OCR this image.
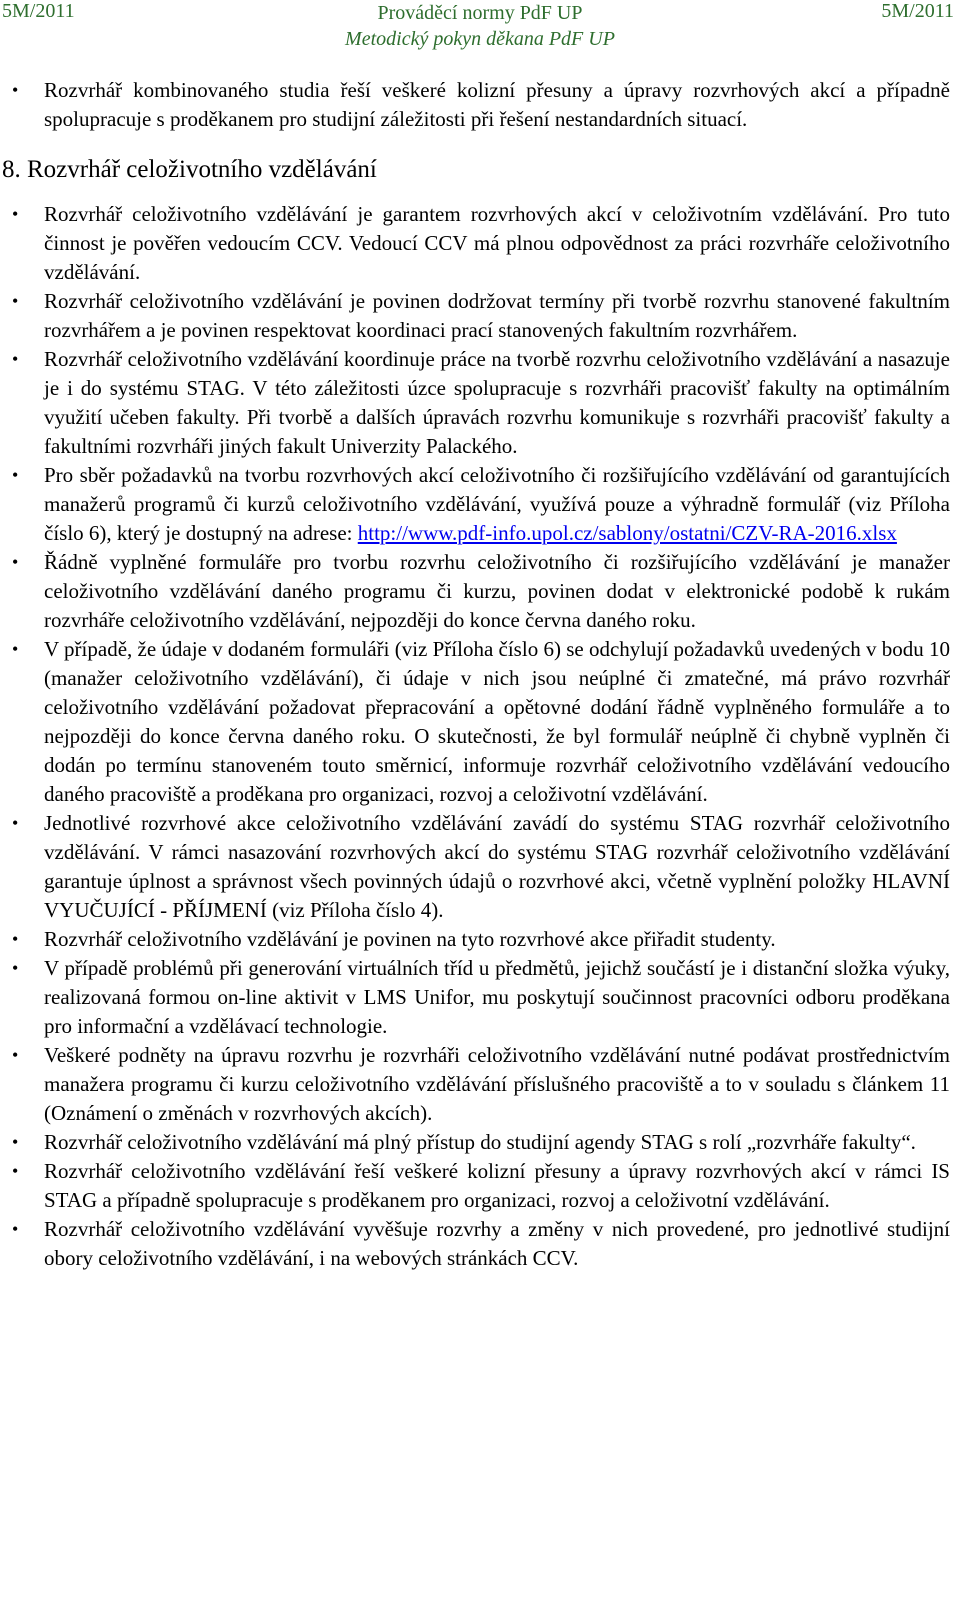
5M/2011	Prováděcí normy PdF UP
Metodický pokyn děkana PdF UP
5M/2011
• Rozvrhář kombinovaného studia řeší veškeré kolizní přesuny a úpravy rozvrhových akcí a případně spolupracuje s proděkanem pro studijní záležitosti při řešení nestandardních situací.
8. Rozvrhář celoživotního vzdělávání
• Rozvrhář celoživotního vzdělávání je garantem rozvrhových akcí v celoživotním vzdělávání. Pro tuto činnost je pověřen vedoucím CCV. Vedoucí CCV má plnou odpovědnost za práci rozvrháře celoživotního vzdělávání.
• Rozvrhář celoživotního vzdělávání je povinen dodržovat termíny při tvorbě rozvrhu stanovené fakultním rozvrhářem a je povinen respektovat koordinaci prací stanovených fakultním rozvrhářem.
• Rozvrhář celoživotního vzdělávání koordinuje práce na tvorbě rozvrhu celoživotního vzdělávání a nasazuje je i do systému STAG. V této záležitosti úzce spolupracuje s rozvrháři pracovišť fakulty na optimálním využití učeben fakulty. Při tvorbě a dalších úpravách rozvrhu komunikuje s rozvrháři pracovišť fakulty a fakultními rozvrháři jiných fakult Univerzity Palackého.
• Pro sběr požadavků na tvorbu rozvrhových akcí celoživotního či rozšiřujícího vzdělávání od garantujících manažerů programů či kurzů celoživotního vzdělávání, využívá pouze a výhradně formulář (viz Příloha číslo 6), který je dostupný na adrese: http://www.pdf-info.upol.cz/sablony/ostatni/CZV-RA-2016.xlsx
• Řádně vyplněné formuláře pro tvorbu rozvrhu celoživotního či rozšiřujícího vzdělávání je manažer celoživotního vzdělávání daného programu či kurzu, povinen dodat v elektronické podobě k rukám rozvrháře celoživotního vzdělávání, nejpozději do konce června daného roku.
• V případě, že údaje v dodaném formuláři (viz Příloha číslo 6) se odchylují požadavků uvedených v bodu 10 (manažer celoživotního vzdělávání), či údaje v nich jsou neúplné či zmatečné, má právo rozvrhář celoživotního vzdělávání požadovat přepracování a opětovné dodání řádně vyplněného formuláře a to nejpozději do konce června daného roku. O skutečnosti, že byl formulář neúplně či chybně vyplněn či dodán po termínu stanoveném touto směrnicí, informuje rozvrhář celoživotního vzdělávání vedoucího daného pracoviště a proděkana pro organizaci, rozvoj a celoživotní vzdělávání.
• Jednotlivé rozvrhové akce celoživotního vzdělávání zavádí do systému STAG rozvrhář celoživotního vzdělávání. V rámci nasazování rozvrhových akcí do systému STAG rozvrhář celoživotního vzdělávání garantuje úplnost a správnost všech povinných údajů o rozvrhové akci, včetně vyplnění položky HLAVNÍ VYUČUJÍCÍ - PŘÍJMENÍ (viz Příloha číslo 4).
• Rozvrhář celoživotního vzdělávání je povinen na tyto rozvrhové akce přiřadit studenty.
• V případě problémů při generování virtuálních tříd u předmětů, jejichž součástí je i distanční složka výuky, realizovaná formou on-line aktivit v LMS Unifor, mu poskytují součinnost pracovníci odboru proděkana pro informační a vzdělávací technologie.
• Veškeré podněty na úpravu rozvrhu je rozvrháři celoživotního vzdělávání nutné podávat prostřednictvím manažera programu či kurzu celoživotního vzdělávání příslušného pracoviště a to v souladu s článkem 11 (Oznámení o změnách v rozvrhových akcích).
• Rozvrhář celoživotního vzdělávání má plný přístup do studijní agendy STAG s rolí „rozvrháře fakulty“.
• Rozvrhář celoživotního vzdělávání řeší veškeré kolizní přesuny a úpravy rozvrhových akcí v rámci IS STAG a případně spolupracuje s proděkanem pro organizaci, rozvoj a celoživotní vzdělávání.
• Rozvrhář celoživotního vzdělávání vyvěšuje rozvrhy a změny v nich provedené, pro jednotlivé studijní obory celoživotního vzdělávání, i na webových stránkách CCV.
